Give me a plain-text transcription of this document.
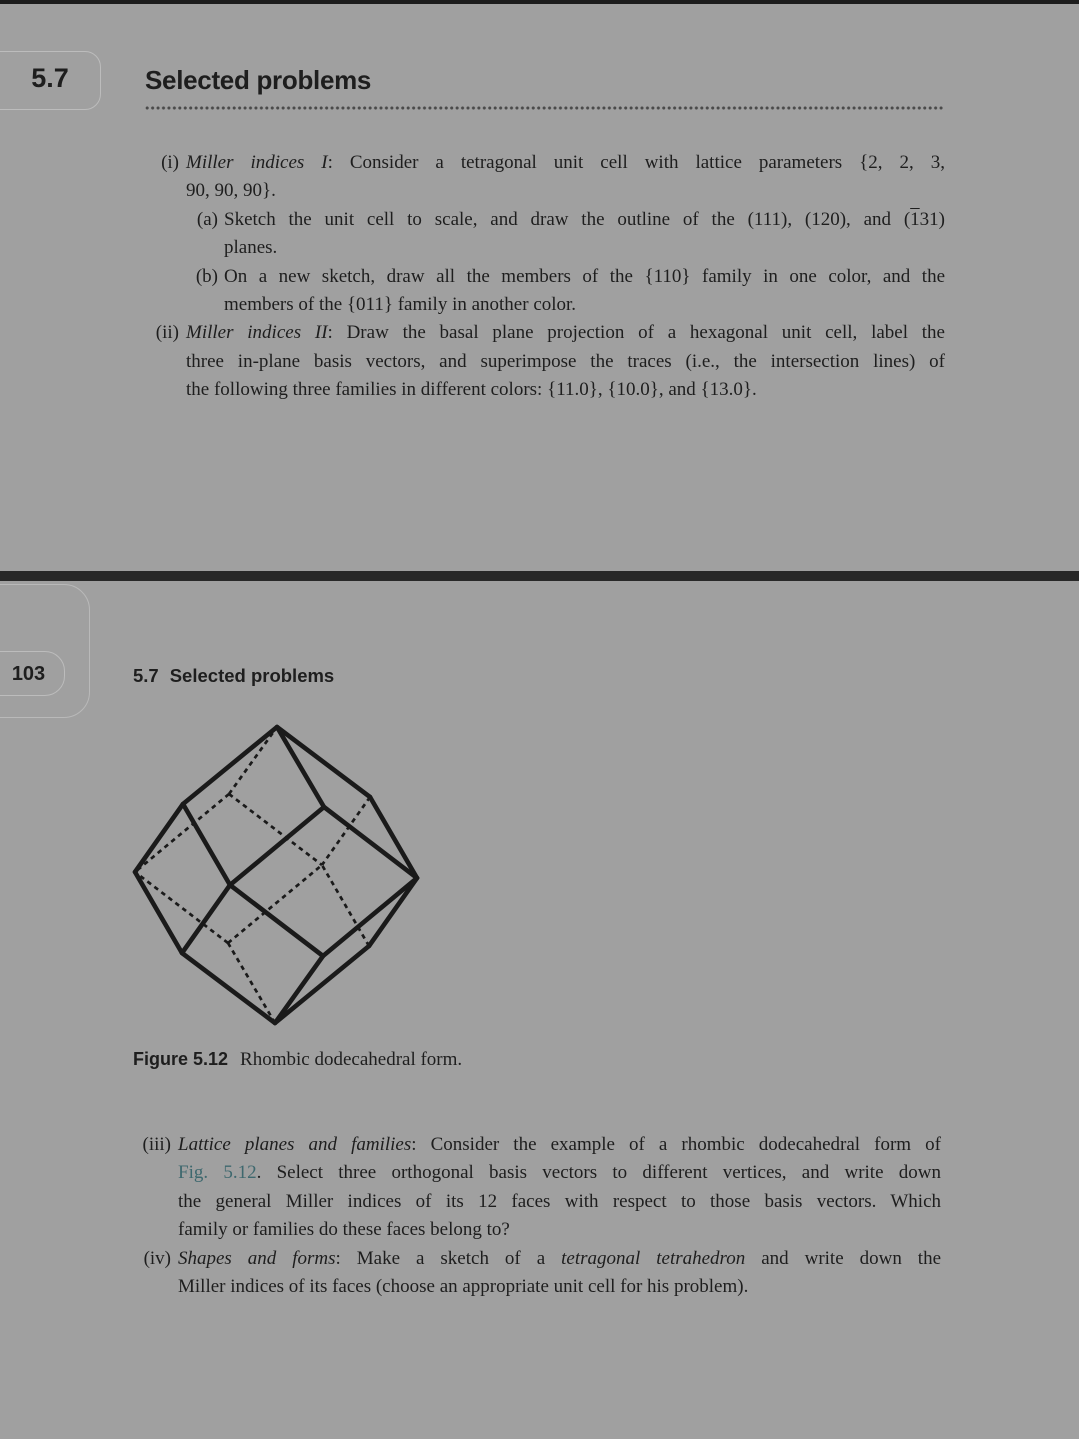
5.7	Selected problems
(i) Miller indices I: Consider a tetragonal unit cell with lattice parameters {2, 2, 3,
90, 90, 90}.
(a) Sketch the unit cell to scale, and draw the outline of the (111), (120), and (131)
planes.
(b) On a new sketch, draw all the members of the {110} family in one color, and the
members of the {011} family in another color.
(ii) Miller indices II: Draw the basal plane projection of a hexagonal unit cell, label the
three in-plane basis vectors, and superimpose the traces (i.e., the intersection lines) of
the following three families in different colors: {11.0}, {10.0}, and {13.0}.
103	5.7 Selected problems
Figure 5.12 Rhombic dodecahedral form.
(iii) Lattice planes and families: Consider the example of a rhombic dodecahedral form of
Fig. 5.12. Select three orthogonal basis vectors to different vertices, and write down
the general Miller indices of its 12 faces with respect to those basis vectors. Which
family or families do these faces belong to?
(iv) Shapes and forms: Make a sketch of a tetragonal tetrahedron and write down the
Miller indices of its faces (choose an appropriate unit cell for his problem).
